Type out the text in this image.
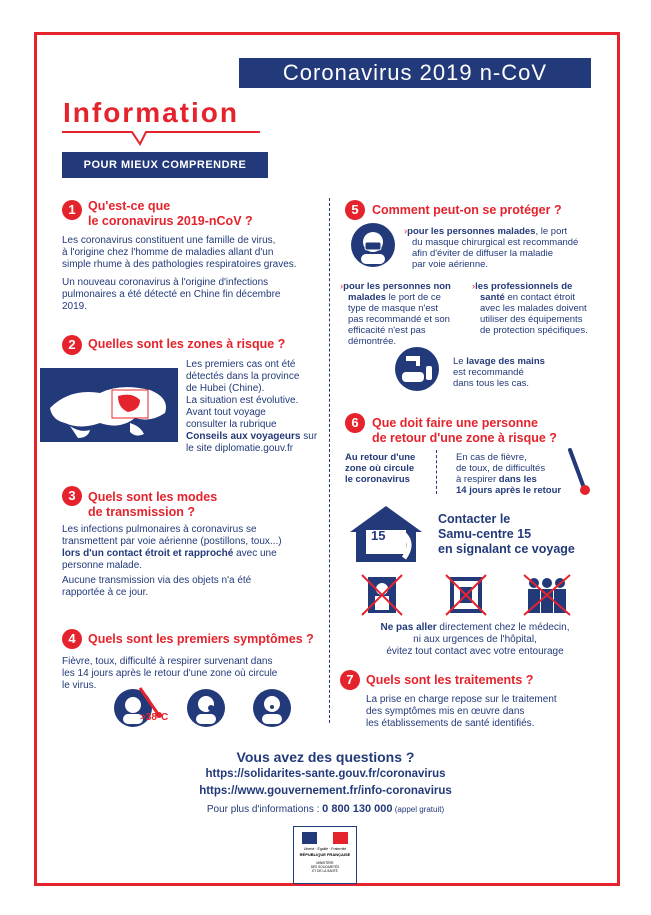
Coronavirus 2019 n-CoV
Information
POUR MIEUX COMPRENDRE
1 Qu'est-ce que
le coronavirus 2019-nCoV ?
Les coronavirus constituent une famille de virus,
à l'origine chez l'homme de maladies allant d'un
simple rhume à des pathologies respiratoires graves.
Un nouveau coronavirus à l'origine d'infections
pulmonaires a été détecté en Chine fin décembre
2019.
2 Quelles sont les zones à risque ?
Les premiers cas ont été
détectés dans la province
de Hubei (Chine).
La situation est évolutive.
Avant tout voyage
consulter la rubrique
Conseils aux voyageurs sur
le site diplomatie.gouv.fr
3 Quels sont les modes
de transmission ?
Les infections pulmonaires à coronavirus se
transmettent par voie aérienne (postillons, toux...)
lors d'un contact étroit et rapproché avec une
personne malade.
Aucune transmission via des objets n'a été
rapportée à ce jour.
4 Quels sont les premiers symptômes ?
Fièvre, toux, difficulté à respirer survenant dans
les 14 jours après le retour d'une zone où circule
le virus.
>38°C
5	Comment peut-on se protéger ?
›pour les personnes malades, le port
du masque chirurgical est recommandé
afin d'éviter de diffuser la maladie
par voie aérienne.
›pour les personnes non
malades le port de ce
type de masque n'est
pas recommandé et son
efficacité n'est pas
démontrée.
›les professionnels de
santé en contact étroit
avec les malades doivent
utiliser des équipements
de protection spécifiques.
Le lavage des mains
est recommandé
dans tous les cas.
6	Que doit faire une personne
de retour d'une zone à risque ?
Au retour d'une
zone où circule
le coronavirus
En cas de fièvre,
de toux, de difficultés
à respirer dans les
14 jours après le retour
15
Contacter le
Samu-centre 15
en signalant ce voyage
Ne pas aller directement chez le médecin,
ni aux urgences de l'hôpital,
évitez tout contact avec votre entourage
7 Quels sont les traitements ?
La prise en charge repose sur le traitement
des symptômes mis en œuvre dans
les établissements de santé identifiés.
Vous avez des questions ?
https://solidarites-sante.gouv.fr/coronavirus
https://www.gouvernement.fr/info-coronavirus
Pour plus d'informations : 0 800 130 000 (appel gratuit)
Liberté · Égalité · Fraternité
RÉPUBLIQUE FRANÇAISE
MINISTÈRE
DES SOLIDARITÉS
ET DE LA SANTÉ
